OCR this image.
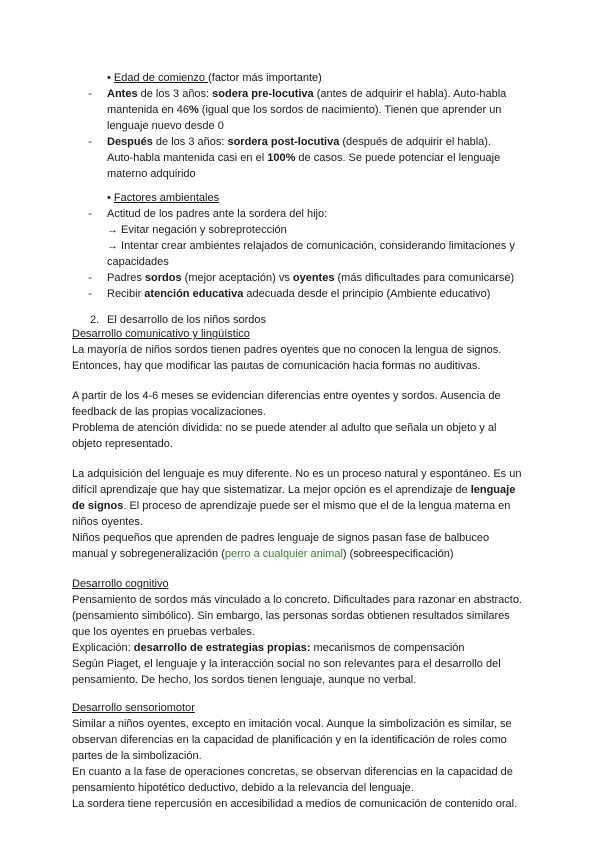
• Edad de comienzo (factor más importante)
- Antes de los 3 años: sodera pre-locutiva (antes de adquirir el habla). Auto-habla
mantenida en 46% (igual que los sordos de nacimiento). Tienen que aprender un
lenguaje nuevo desde 0
- Después de los 3 años: sordera post-locutiva (después de adquirir el habla).
Auto-habla mantenida casi en el 100% de casos. Se puede potenciar el lenguaje
materno adquirido
• Factores ambientales
- Actitud de los padres ante la sordera del hijo:
→ Evitar negación y sobreprotección
→ Intentar crear ambientes relajados de comunicación, considerando limitaciones y
capacidades
- Padres sordos (mejor aceptación) vs oyentes (más dificultades para comunicarse)
- Recibir atención educativa adecuada desde el principio (Ambiente educativo)
2. El desarrollo de los niños sordos
Desarrollo comunicativo y lingüístico
La mayoría de niños sordos tienen padres oyentes que no conocen la lengua de signos.
Entonces, hay que modificar las pautas de comunicación hacia formas no auditivas.
A partir de los 4-6 meses se evidencian diferencias entre oyentes y sordos. Ausencia de
feedback de las propias vocalizaciones.
Problema de atención dividida: no se puede atender al adulto que señala un objeto y al
objeto representado.
La adquisición del lenguaje es muy diferente. No es un proceso natural y espontáneo. Es un
difícil aprendizaje que hay que sistematizar. La mejor opción es el aprendizaje de lenguaje
de signos. El proceso de aprendizaje puede ser el mismo que el de la lengua materna en
niños oyentes.
Niños pequeños que aprenden de padres lenguaje de signos pasan fase de balbuceo
manual y sobregeneralización (perro a cualquier animal) (sobreespecificación)
Desarrollo cognitivo
Pensamiento de sordos más vinculado a lo concreto. Dificultades para razonar en abstracto.
(pensamiento simbólico). Sin embargo, las personas sordas obtienen resultados similares
que los oyentes en pruebas verbales.
Explicación: desarrollo de estrategias propias: mecanismos de compensación
Según Piaget, el lenguaje y la interacción social no son relevantes para el desarrollo del
pensamiento. De hecho, los sordos tienen lenguaje, aunque no verbal.
Desarrollo sensoriomotor
Similar a niños oyentes, excepto en imitación vocal. Aunque la simbolización es similar, se
observan diferencias en la capacidad de planificación y en la identificación de roles como
partes de la simbolización.
En cuanto a la fase de operaciones concretas, se observan diferencias en la capacidad de
pensamiento hipotético deductivo, debido a la relevancia del lenguaje.
La sordera tiene repercusión en accesibilidad a medios de comunicación de contenido oral.
